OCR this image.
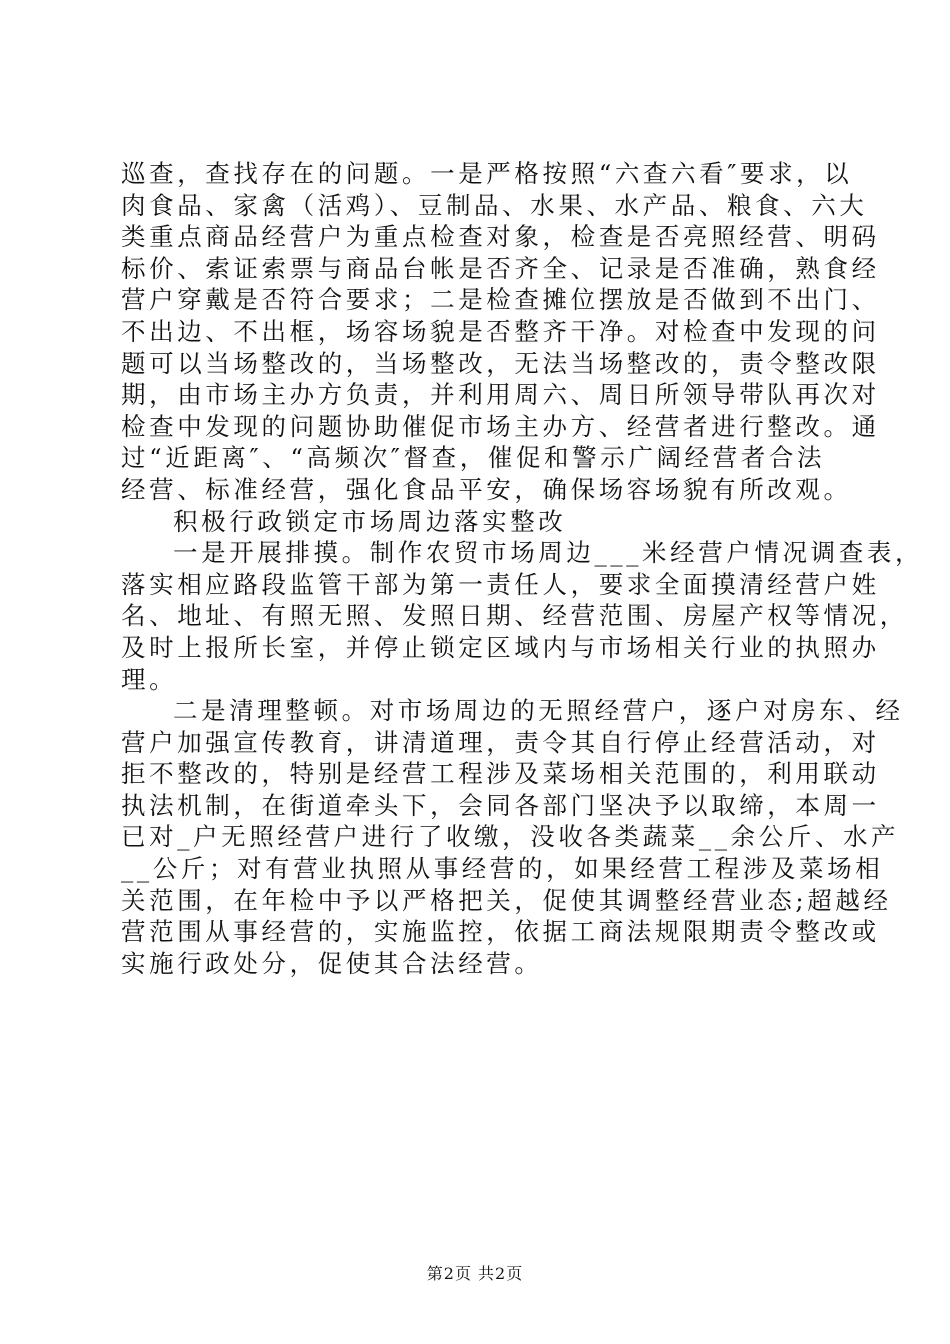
巡查，查找存在的问题。一是严格按照“六查六看″要求，以
肉食品、家禽（活鸡）、豆制品、水果、水产品、粮食、六大
类重点商品经营户为重点检查对象，检查是否亮照经营、明码
标价、索证索票与商品台帐是否齐全、记录是否准确，熟食经
营户穿戴是否符合要求；二是检查摊位摆放是否做到不出门、
不出边、不出框，场容场貌是否整齐干净。对检查中发现的问
题可以当场整改的，当场整改，无法当场整改的，责令整改限
期，由市场主办方负责，并利用周六、周日所领导带队再次对
检查中发现的问题协助催促市场主办方、经营者进行整改。通
过“近距离″、“高频次″督查，催促和警示广阔经营者合法
经营、标准经营，强化食品平安，确保场容场貌有所改观。
积极行政锁定市场周边落实整改
一是开展排摸。制作农贸市场周边___米经营户情况调查表，
落实相应路段监管干部为第一责任人，要求全面摸清经营户姓
名、地址、有照无照、发照日期、经营范围、房屋产权等情况，
及时上报所长室，并停止锁定区域内与市场相关行业的执照办
理。
二是清理整顿。对市场周边的无照经营户，逐户对房东、经
营户加强宣传教育，讲清道理，责令其自行停止经营活动，对
拒不整改的，特别是经营工程涉及菜场相关范围的，利用联动
执法机制，在街道牵头下，会同各部门坚决予以取缔，本周一
已对_户无照经营户进行了收缴，没收各类蔬菜__余公斤、水产
__公斤；对有营业执照从事经营的，如果经营工程涉及菜场相
关范围，在年检中予以严格把关，促使其调整经营业态;超越经
营范围从事经营的，实施监控，依据工商法规限期责令整改或
实施行政处分，促使其合法经营。
第2页 共2页
